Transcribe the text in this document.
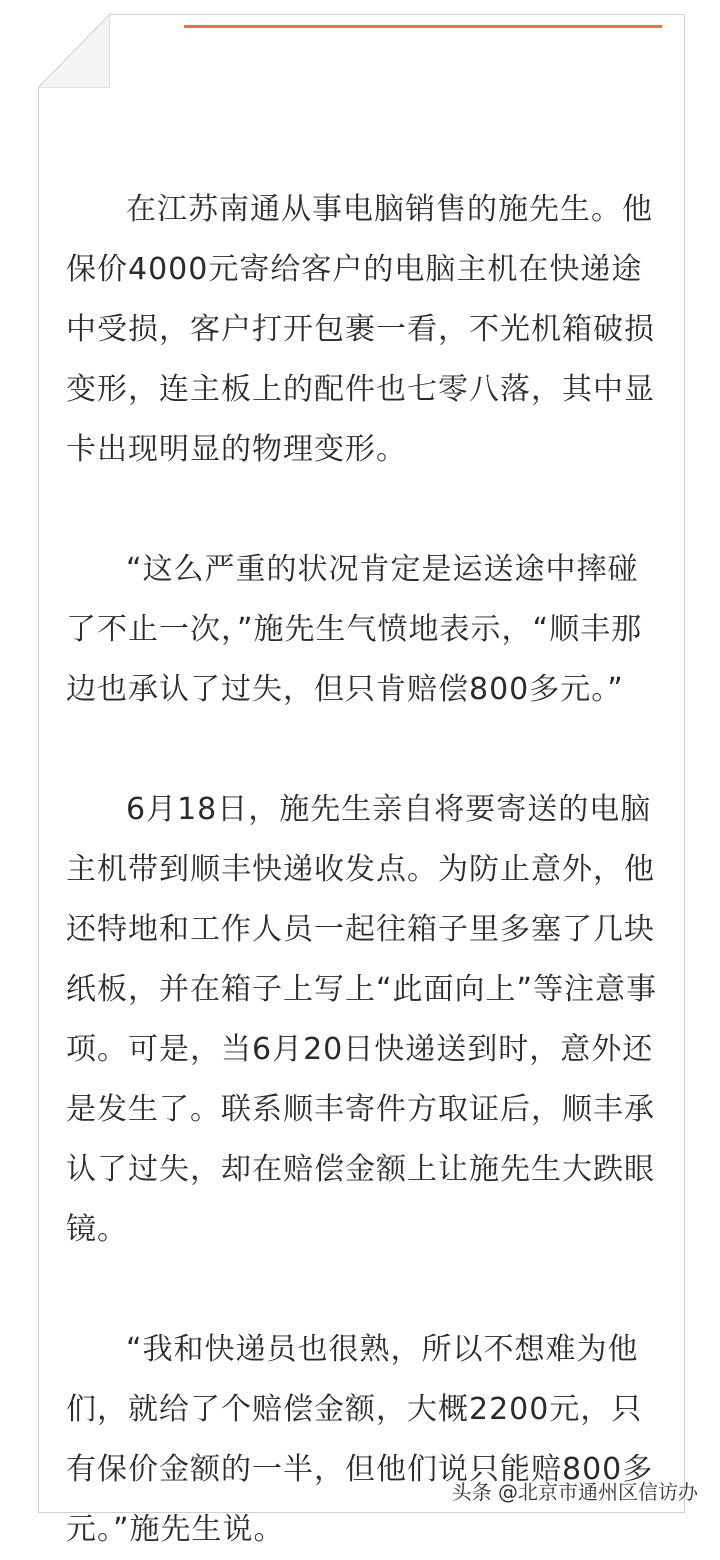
在江苏南通从事电脑销售的施先生。他保价4000元寄给客户的电脑主机在快递途中受损，客户打开包裹一看，不光机箱破损变形，连主板上的配件也七零八落，其中显卡出现明显的物理变形。

“这么严重的状况肯定是运送途中摔碰了不止一次，”施先生气愤地表示，“顺丰那边也承认了过失，但只肯赔偿800多元。”

6月18日，施先生亲自将要寄送的电脑主机带到顺丰快递收发点。为防止意外，他还特地和工作人员一起往箱子里多塞了几块纸板，并在箱子上写上“此面向上”等注意事项。可是，当6月20日快递送到时，意外还是发生了。联系顺丰寄件方取证后，顺丰承认了过失，却在赔偿金额上让施先生大跌眼镜。

“我和快递员也很熟，所以不想难为他们，就给了个赔偿金额，大概2200元，只有保价金额的一半，但他们说只能赔800多元。”施先生说。

头条 @北京市通州区信访办
